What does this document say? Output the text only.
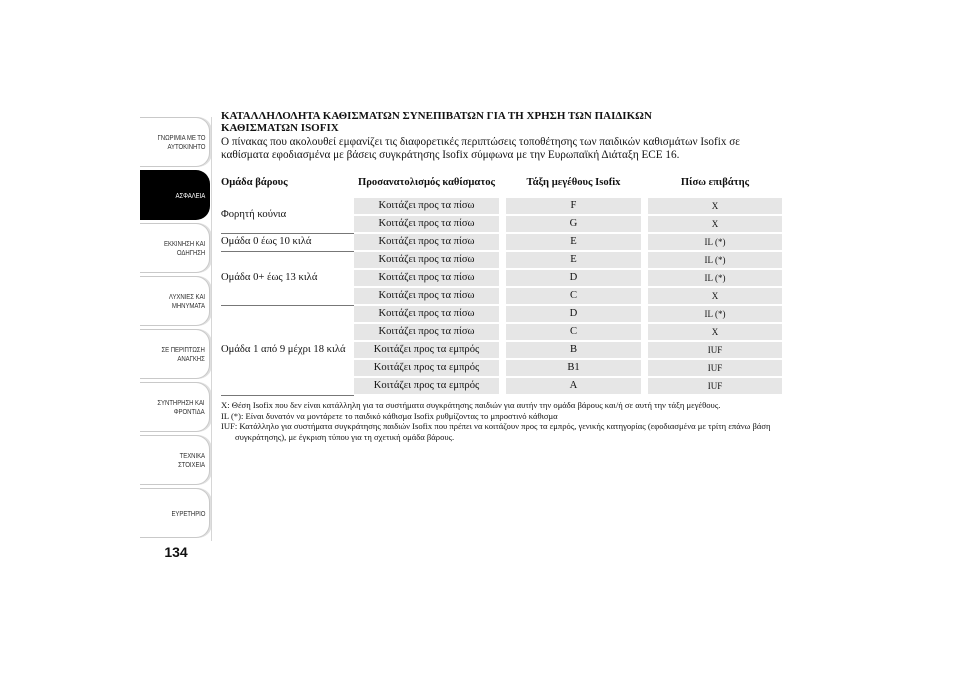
ΓΝΩΡΙΜΙΑ ΜΕ ΤΟ
ΑΥΤΟΚΙΝΗΤΟ
ΑΣΦΑΛΕΙΑ
ΕΚΚΙΝΗΣΗ ΚΑΙ
ΟΔΗΓΗΣΗ
ΛΥΧΝΙΕΣ ΚΑΙ
ΜΗΝΥΜΑΤΑ
ΣΕ ΠΕΡΙΠΤΩΣΗ
ΑΝΑΓΚΗΣ
ΣΥΝΤΗΡΗΣΗ ΚΑΙ
ΦΡΟΝΤΙΔΑ
ΤΕΧΝΙΚΑ ΣΤΟΙΧΕΙΑ
ΕΥΡΕΤΗΡΙΟ
134
ΚΑΤΑΛΛΗΛΟΛΗΤΑ ΚΑΘΙΣΜΑΤΩΝ ΣΥΝΕΠΙΒΑΤΩΝ ΓΙΑ ΤΗ ΧΡΗΣΗ ΤΩΝ ΠΑΙΔΙΚΩΝ ΚΑΘΙΣΜΑΤΩΝ ISOFIX

Ο πίνακας που ακολουθεί εμφανίζει τις διαφορετικές περιπτώσεις τοποθέτησης των παιδικών καθισμάτων Isofix σε καθίσματα εφοδιασμένα με βάσεις συγκράτησης Isofix σύμφωνα με την Ευρωπαϊκή Διάταξη ECE 16.

Ομάδα βάρους	Προσανατολισμός καθίσματος		Τάξη μεγέθους Isofix		Πίσω επιβάτης
Φορητή κούνια	Κοιτάζει προς τα πίσω		F		X
	Κοιτάζει προς τα πίσω		G		X
Ομάδα 0 έως 10 κιλά	Κοιτάζει προς τα πίσω		E		IL (*)
Ομάδα 0+ έως 13 κιλά	Κοιτάζει προς τα πίσω		E		IL (*)
	Κοιτάζει προς τα πίσω		D		IL (*)
	Κοιτάζει προς τα πίσω		C		X
Ομάδα 1 από 9 μέχρι 18 κιλά	Κοιτάζει προς τα πίσω		D		IL (*)
	Κοιτάζει προς τα πίσω		C		X
	Κοιτάζει προς τα εμπρός		B		IUF
	Κοιτάζει προς τα εμπρός		B1		IUF
	Κοιτάζει προς τα εμπρός		A		IUF

X: Θέση Isofix που δεν είναι κατάλληλη για τα συστήματα συγκράτησης παιδιών για αυτήν την ομάδα βάρους και/ή σε αυτή την τάξη μεγέθους.

IL (*): Είναι δυνατόν να μοντάρετε το παιδικό κάθισμα Isofix ρυθμίζοντας το μπροστινό κάθισμα

IUF: Κατάλληλο για συστήματα συγκράτησης παιδιών Isofix που πρέπει να κοιτάζουν προς τα εμπρός, γενικής κατηγορίας (εφοδιασμένα με τρίτη επάνω βάση συγκράτησης), με έγκριση τύπου για τη σχετική ομάδα βάρους.
